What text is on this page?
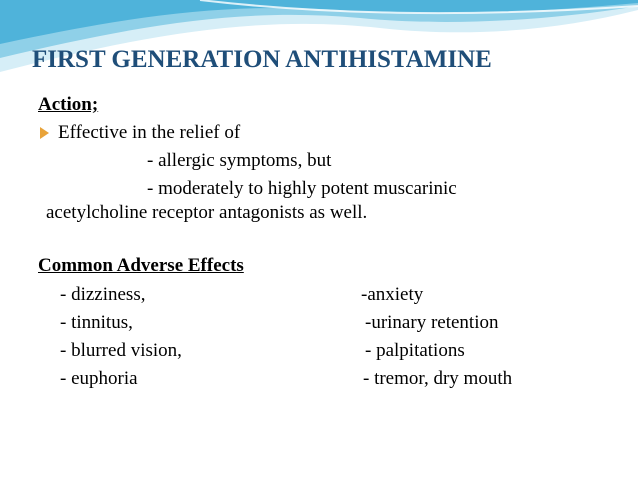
FIRST GENERATION ANTIHISTAMINE
Action;
Effective in the relief of
- allergic symptoms, but
- moderately to highly potent muscarinic
acetylcholine receptor antagonists as well.
Common Adverse Effects
- dizziness,
- tinnitus,
- blurred vision,
- euphoria
-anxiety
-urinary retention
- palpitations
- tremor, dry mouth
